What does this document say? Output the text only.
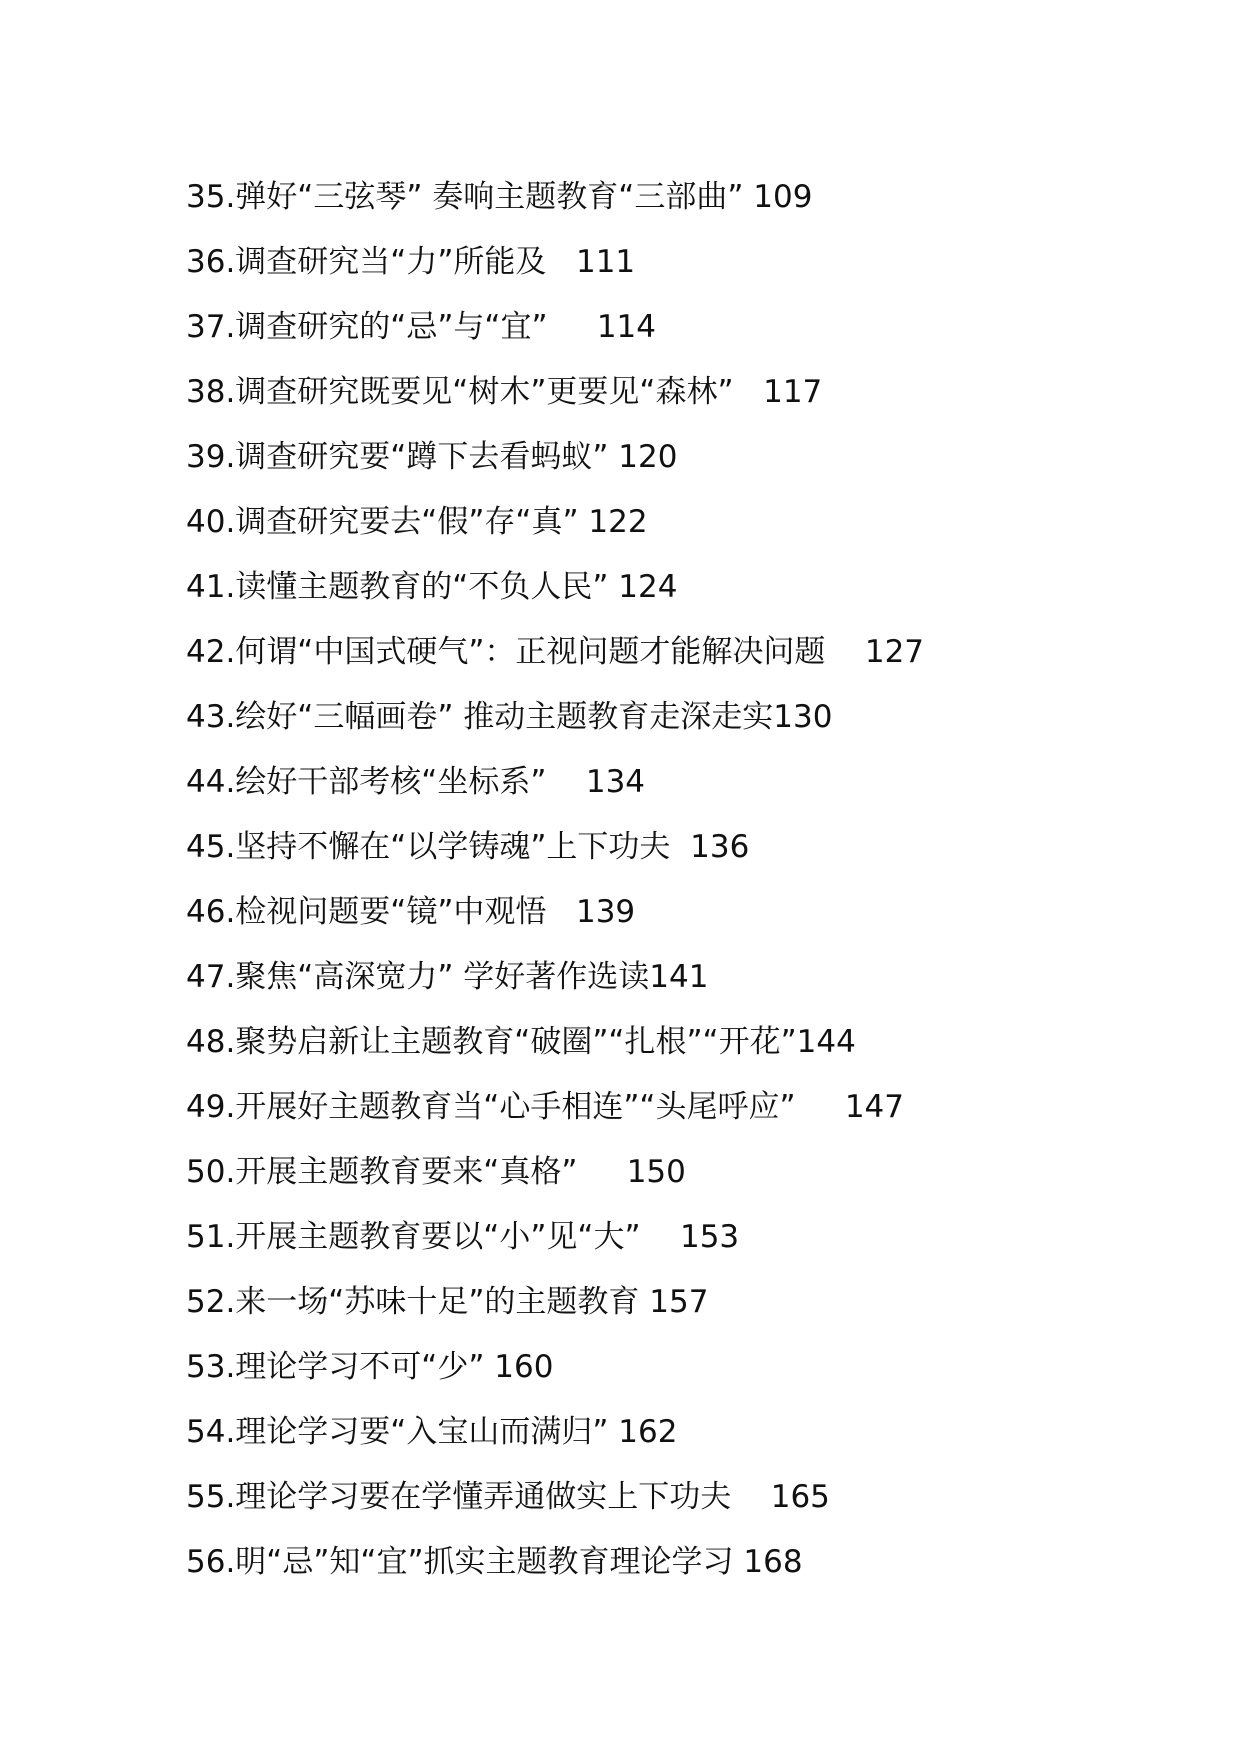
35.弹好“三弦琴” 奏响主题教育“三部曲” 109
36.调查研究当“力”所能及 111
37.调查研究的“忌”与“宜” 114
38.调查研究既要见“树木”更要见“森林” 117
39.调查研究要“蹲下去看蚂蚁” 120
40.调查研究要去“假”存“真” 122
41.读懂主题教育的“不负人民” 124
42.何谓“中国式硬气”：正视问题才能解决问题 127
43.绘好“三幅画卷” 推动主题教育走深走实130
44.绘好干部考核“坐标系” 134
45.坚持不懈在“以学铸魂”上下功夫 136
46.检视问题要“镜”中观悟 139
47.聚焦“高深宽力” 学好著作选读141
48.聚势启新让主题教育“破圈”“扎根”“开花”144
49.开展好主题教育当“心手相连”“头尾呼应” 147
50.开展主题教育要来“真格” 150
51.开展主题教育要以“小”见“大” 153
52.来一场“苏味十足”的主题教育 157
53.理论学习不可“少” 160
54.理论学习要“入宝山而满归” 162
55.理论学习要在学懂弄通做实上下功夫 165
56.明“忌”知“宜”抓实主题教育理论学习 168
